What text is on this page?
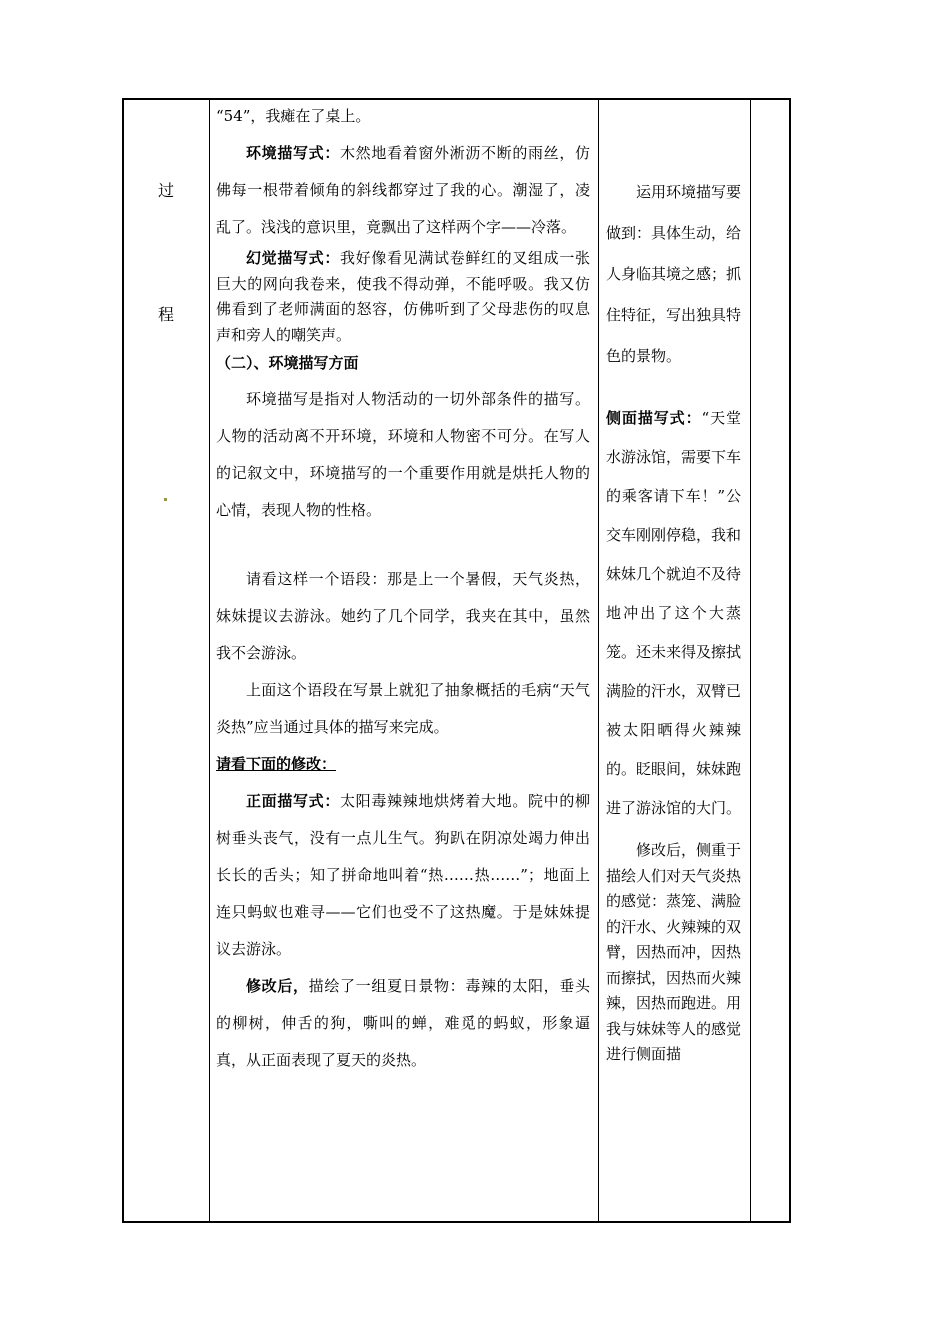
过
程

“54”，我瘫在了桌上。

环境描写式：木然地看着窗外淅沥不断的雨丝，仿佛每一根带着倾角的斜线都穿过了我的心。潮湿了，凌乱了。浅浅的意识里，竟飘出了这样两个字——冷落。

幻觉描写式：我好像看见满试卷鲜红的叉组成一张巨大的网向我卷来，使我不得动弹，不能呼吸。我又仿佛看到了老师满面的怒容，仿佛听到了父母悲伤的叹息声和旁人的嘲笑声。

（二）、环境描写方面

环境描写是指对人物活动的一切外部条件的描写。人物的活动离不开环境，环境和人物密不可分。在写人的记叙文中，环境描写的一个重要作用就是烘托人物的心情，表现人物的性格。

请看这样一个语段：那是上一个暑假，天气炎热，妹妹提议去游泳。她约了几个同学，我夹在其中，虽然我不会游泳。

上面这个语段在写景上就犯了抽象概括的毛病“天气炎热”应当通过具体的描写来完成。

请看下面的修改：

正面描写式：太阳毒辣辣地烘烤着大地。院中的柳树垂头丧气，没有一点儿生气。狗趴在阴凉处竭力伸出长长的舌头；知了拼命地叫着“热……热……”；地面上连只蚂蚁也难寻——它们也受不了这热魔。于是妹妹提议去游泳。

修改后，描绘了一组夏日景物：毒辣的太阳，垂头的柳树，伸舌的狗，嘶叫的蝉，难觅的蚂蚁，形象逼真，从正面表现了夏天的炎热。

运用环境描写要做到：具体生动，给人身临其境之感；抓住特征，写出独具特色的景物。

侧面描写式：“天堂水游泳馆，需要下车的乘客请下车！”公交车刚刚停稳，我和妹妹几个就迫不及待地冲出了这个大蒸笼。还未来得及擦拭满脸的汗水，双臂已被太阳晒得火辣辣的。眨眼间，妹妹跑进了游泳馆的大门。

修改后，侧重于描绘人们对天气炎热的感觉：蒸笼、满脸的汗水、火辣辣的双臂，因热而冲，因热而擦拭，因热而火辣辣，因热而跑进。用我与妹妹等人的感觉进行侧面描
